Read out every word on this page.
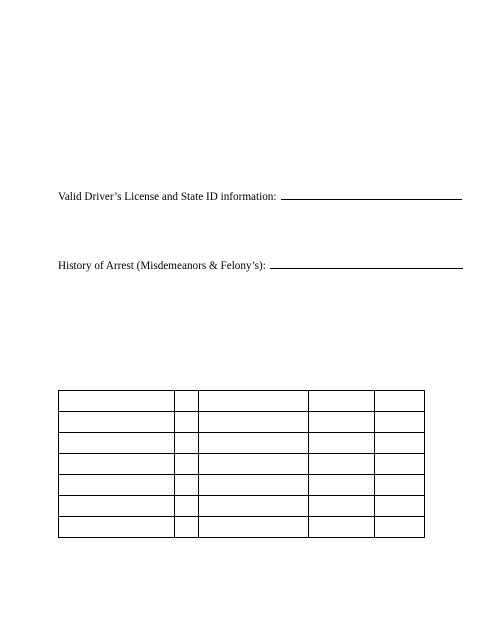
Valid Driver’s License and State ID information:
History of Arrest (Misdemeanors & Felony’s):
